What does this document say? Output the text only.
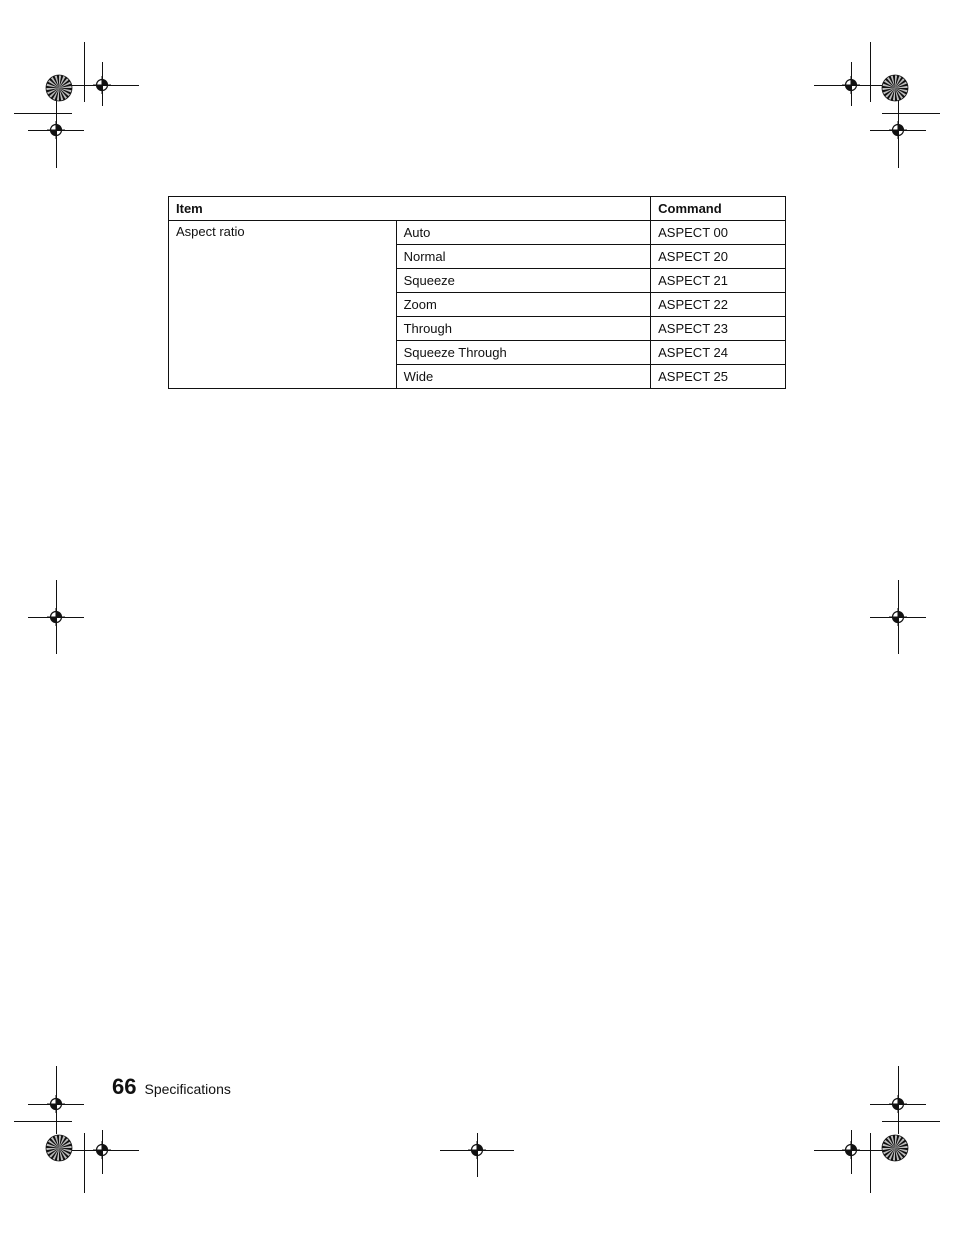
Item		Command
Aspect ratio	Auto	ASPECT 00
	Normal	ASPECT 20
	Squeeze	ASPECT 21
	Zoom	ASPECT 22
	Through	ASPECT 23
	Squeeze Through	ASPECT 24
	Wide	ASPECT 25
66 Specifications
